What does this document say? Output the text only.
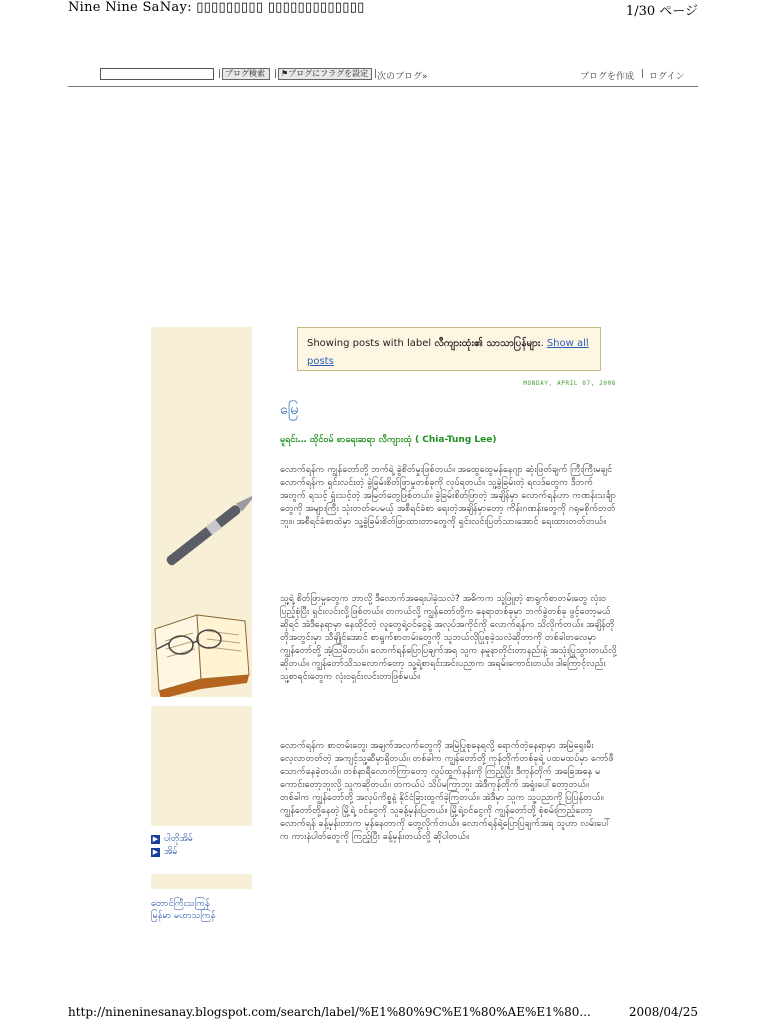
Nine Nine SaNay: ▯▯▯▯▯▯▯▯▯ ▯▯▯▯▯▯▯▯▯▯▯▯▯	1/30 ページ
| ブログ検索	| ⚑ブログにフラグを設定 | 次のブログ»	ブログを作成 | ログイン
▶ ပါတိုအိမ်
▶ အိမ်
တောင်ကြီးသကြန်
မြန်မာ မဟာသကြန်
Showing posts with label လီကျားထုံး၏ သာသာပြန်များ. Show all posts
MONDAY, APRIL 07, 2008
မြေ
မူရင်း… ထိုင်ဝမ် စာရေးဆရာ လီကျားထုံ ( Chia-Tung Lee)

လောက်ရန်က ကျွန်တော်တို့ ဘက်ရဲ့ ခွဲစိတ်မှုးဖြစ်တယ်။ အထွေထွေမန်နေဂျာ ဆုံးဖြတ်ချက် ကြီးကြီးမချင် လောက်ရန်က ရှင်းလင်းတဲ့ ခွဲခြမ်းစိတ်ဖြာမှုတစ်ခုကို လုပ်ရတယ်။ သူ့ခွဲခြမ်းတဲ့ ရလဒ်တွေက ဒီဘက်အတွက် ရသင့် ရှုံးသင့်တဲ့ အမြတ်တွေဖြစ်တယ်။ ခွဲခြမ်းစိတ်ဖြာတဲ့ အချိန်မှာ လောက်ရန်ဟာ ကဏန်းသင်္ချာတွေကို အများကြီး သုံးတတ်ပေမယ့် အစီရင်ခံစာ ရေးတဲ့အချိန်မှာတော့ ကိန်းဂဏန်းတွေကို ဂရုမစိုက်တတ်ဘူး။ အစီရင်ခံစာထဲမှာ သူ့ခွဲခြမ်းစိတ်ဖြာထားတာတွေကို ရှင်းလင်းပြတ်သားအောင် ရေးထားတတ်တယ်။

သူ့ရဲ့ စိတ်ဖြာမှုတွေက ဘာလို့ ဒီလောက်အရေးပါခဲ့သလဲ? အဓိကက သူဖြူတဲ့ စာရွက်စာတမ်းတွေ လုံးဝပြည့်စုံပြီး ရှင်းလင်းလို့ဖြစ်တယ်။ တကယ်လို့ ကျွန်တော်တို့က နေရာတစ်ခုမှာ ဘက်ခွဲတစ်ခု ဖွင့်တော့မယ်ဆိုရင် အဲဒီနေရာမှာ နေထိုင်တဲ့ လူတွေရဲ့ဝင်ငွေနဲ့ အလုပ်အကိုင်ကို လောက်ရန်က သိလိုက်တယ်။ အချိန်တိုတိုအတွင်းမှာ သီချိုင်အောင် စာရွက်စာတမ်းတွေကို သူဘယ်လိုပြုစုခဲ့သလဲဆိုတာကို တစ်ခါတလေမှာ ကျွန်တော်တို့ အံ့သြမိတယ်။ လောက်ရန်ပြောပြချက်အရ သူက နမူနာတိုင်းတာနည်းနဲ့ အသုံးပြုသွားတယ်လို့ ဆိုတယ်။ ကျွန်တော်သိသလောက်တော့ သူ့ရဲ့စာရင်းအင်းပညာက အရမ်းကောင်းတယ်။ ဒါကြောင့်လည်း သူ့စာရင်းတွေက လုံးဝရှင်းလင်းတာဖြစ်မယ်။

လောက်ရန်က စာတမ်းတွေ၊ အချက်အလက်တွေကို အမြဲပြုစုနေရလို့ ရောက်တဲ့နေရာမှာ အမြဲရှေးမီးလေ့လာတတ်တဲ့ အကျင့်သူ့ဆီမှာရှိတယ်။ တစ်ခါက ကျွန်တော်တို့ ကုန်တိုက်တစ်ခုရဲ့ ပထမထပ်မှာ ကော်ဖီသောက်နေခဲ့တယ်။ တစ်နာရီလောက်ကြာတော့ လှုပ်ထွက်နန်းကို ကြည့်ပြီး ဒီကုန်တိုက် အခြေအနေ မကောင်းတော့ဘူးလို့ သူကဆိုတယ်။ တကယ်ပဲ သိပ်မကြာဘူး အဲဒီကုန်တိုက် အရှုံးပေါ်တော့တယ်။ တစ်ခါက ကျွန်တော်တို့ အလုပ်ကိစ္စနဲ့ နိုင်ငံခြားထွက်ခဲ့ကြတယ်။ အဲဒီမှာ သူက သူ့ပညာကို ပြပြန်တယ်။ ကျွန်တော်တို့နေတဲ့ မြို့ရဲ့ ဝင်ငွေကို သူခန့်မှန်းပြတယ်။ မြို့ရဲ့ဝင်ငွေကို ကျွန်တော်တို့ စုံစမ်းကြည့်တော့ လောက်ရန် ခန့်မှန်းတာက မှန်နေတာကို တွေ့လိုက်တယ်။ လောက်ရန်ရဲ့ပြောပြချက်အရ သူဟာ လမ်းပေါ်က ကားနံပါတ်တွေကို ကြည့်ပြီး ခန့်မှန်းတယ်လို့ ဆိုပါတယ်။

http://nineninesanay.blogspot.com/search/label/%E1%80%9C%E1%80%AE%E1%80...	2008/04/25
